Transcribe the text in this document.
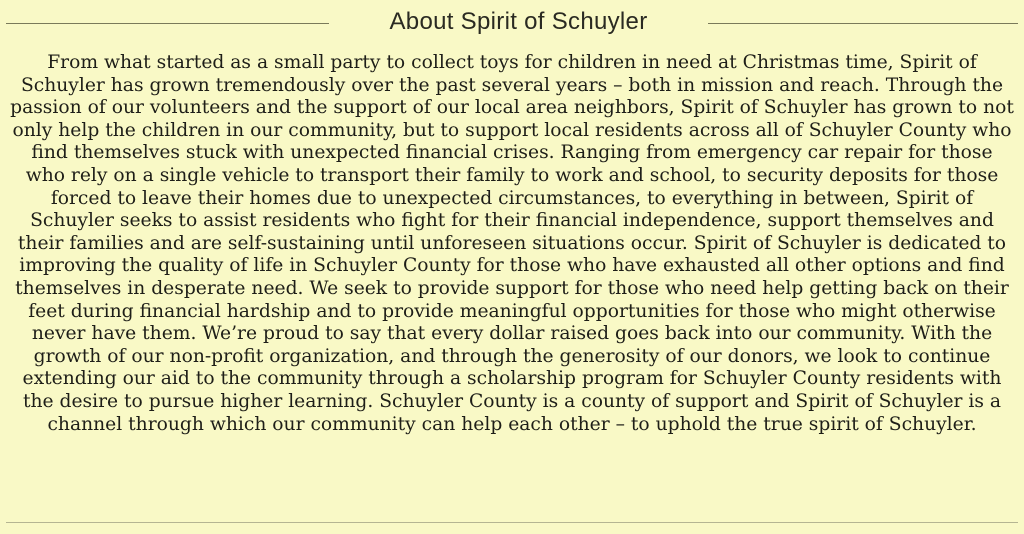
About Spirit of Schuyler

From what started as a small party to collect toys for children in need at Christmas time, Spirit of Schuyler has grown tremendously over the past several years – both in mission and reach. Through the passion of our volunteers and the support of our local area neighbors, Spirit of Schuyler has grown to not only help the children in our community, but to support local residents across all of Schuyler County who find themselves stuck with unexpected financial crises. Ranging from emergency car repair for those who rely on a single vehicle to transport their family to work and school, to security deposits for those forced to leave their homes due to unexpected circumstances, to everything in between, Spirit of Schuyler seeks to assist residents who fight for their financial independence, support themselves and their families and are self-sustaining until unforeseen situations occur. Spirit of Schuyler is dedicated to improving the quality of life in Schuyler County for those who have exhausted all other options and find themselves in desperate need. We seek to provide support for those who need help getting back on their feet during financial hardship and to provide meaningful opportunities for those who might otherwise never have them. We’re proud to say that every dollar raised goes back into our community. With the growth of our non-profit organization, and through the generosity of our donors, we look to continue extending our aid to the community through a scholarship program for Schuyler County residents with the desire to pursue higher learning. Schuyler County is a county of support and Spirit of Schuyler is a channel through which our community can help each other – to uphold the true spirit of Schuyler.
